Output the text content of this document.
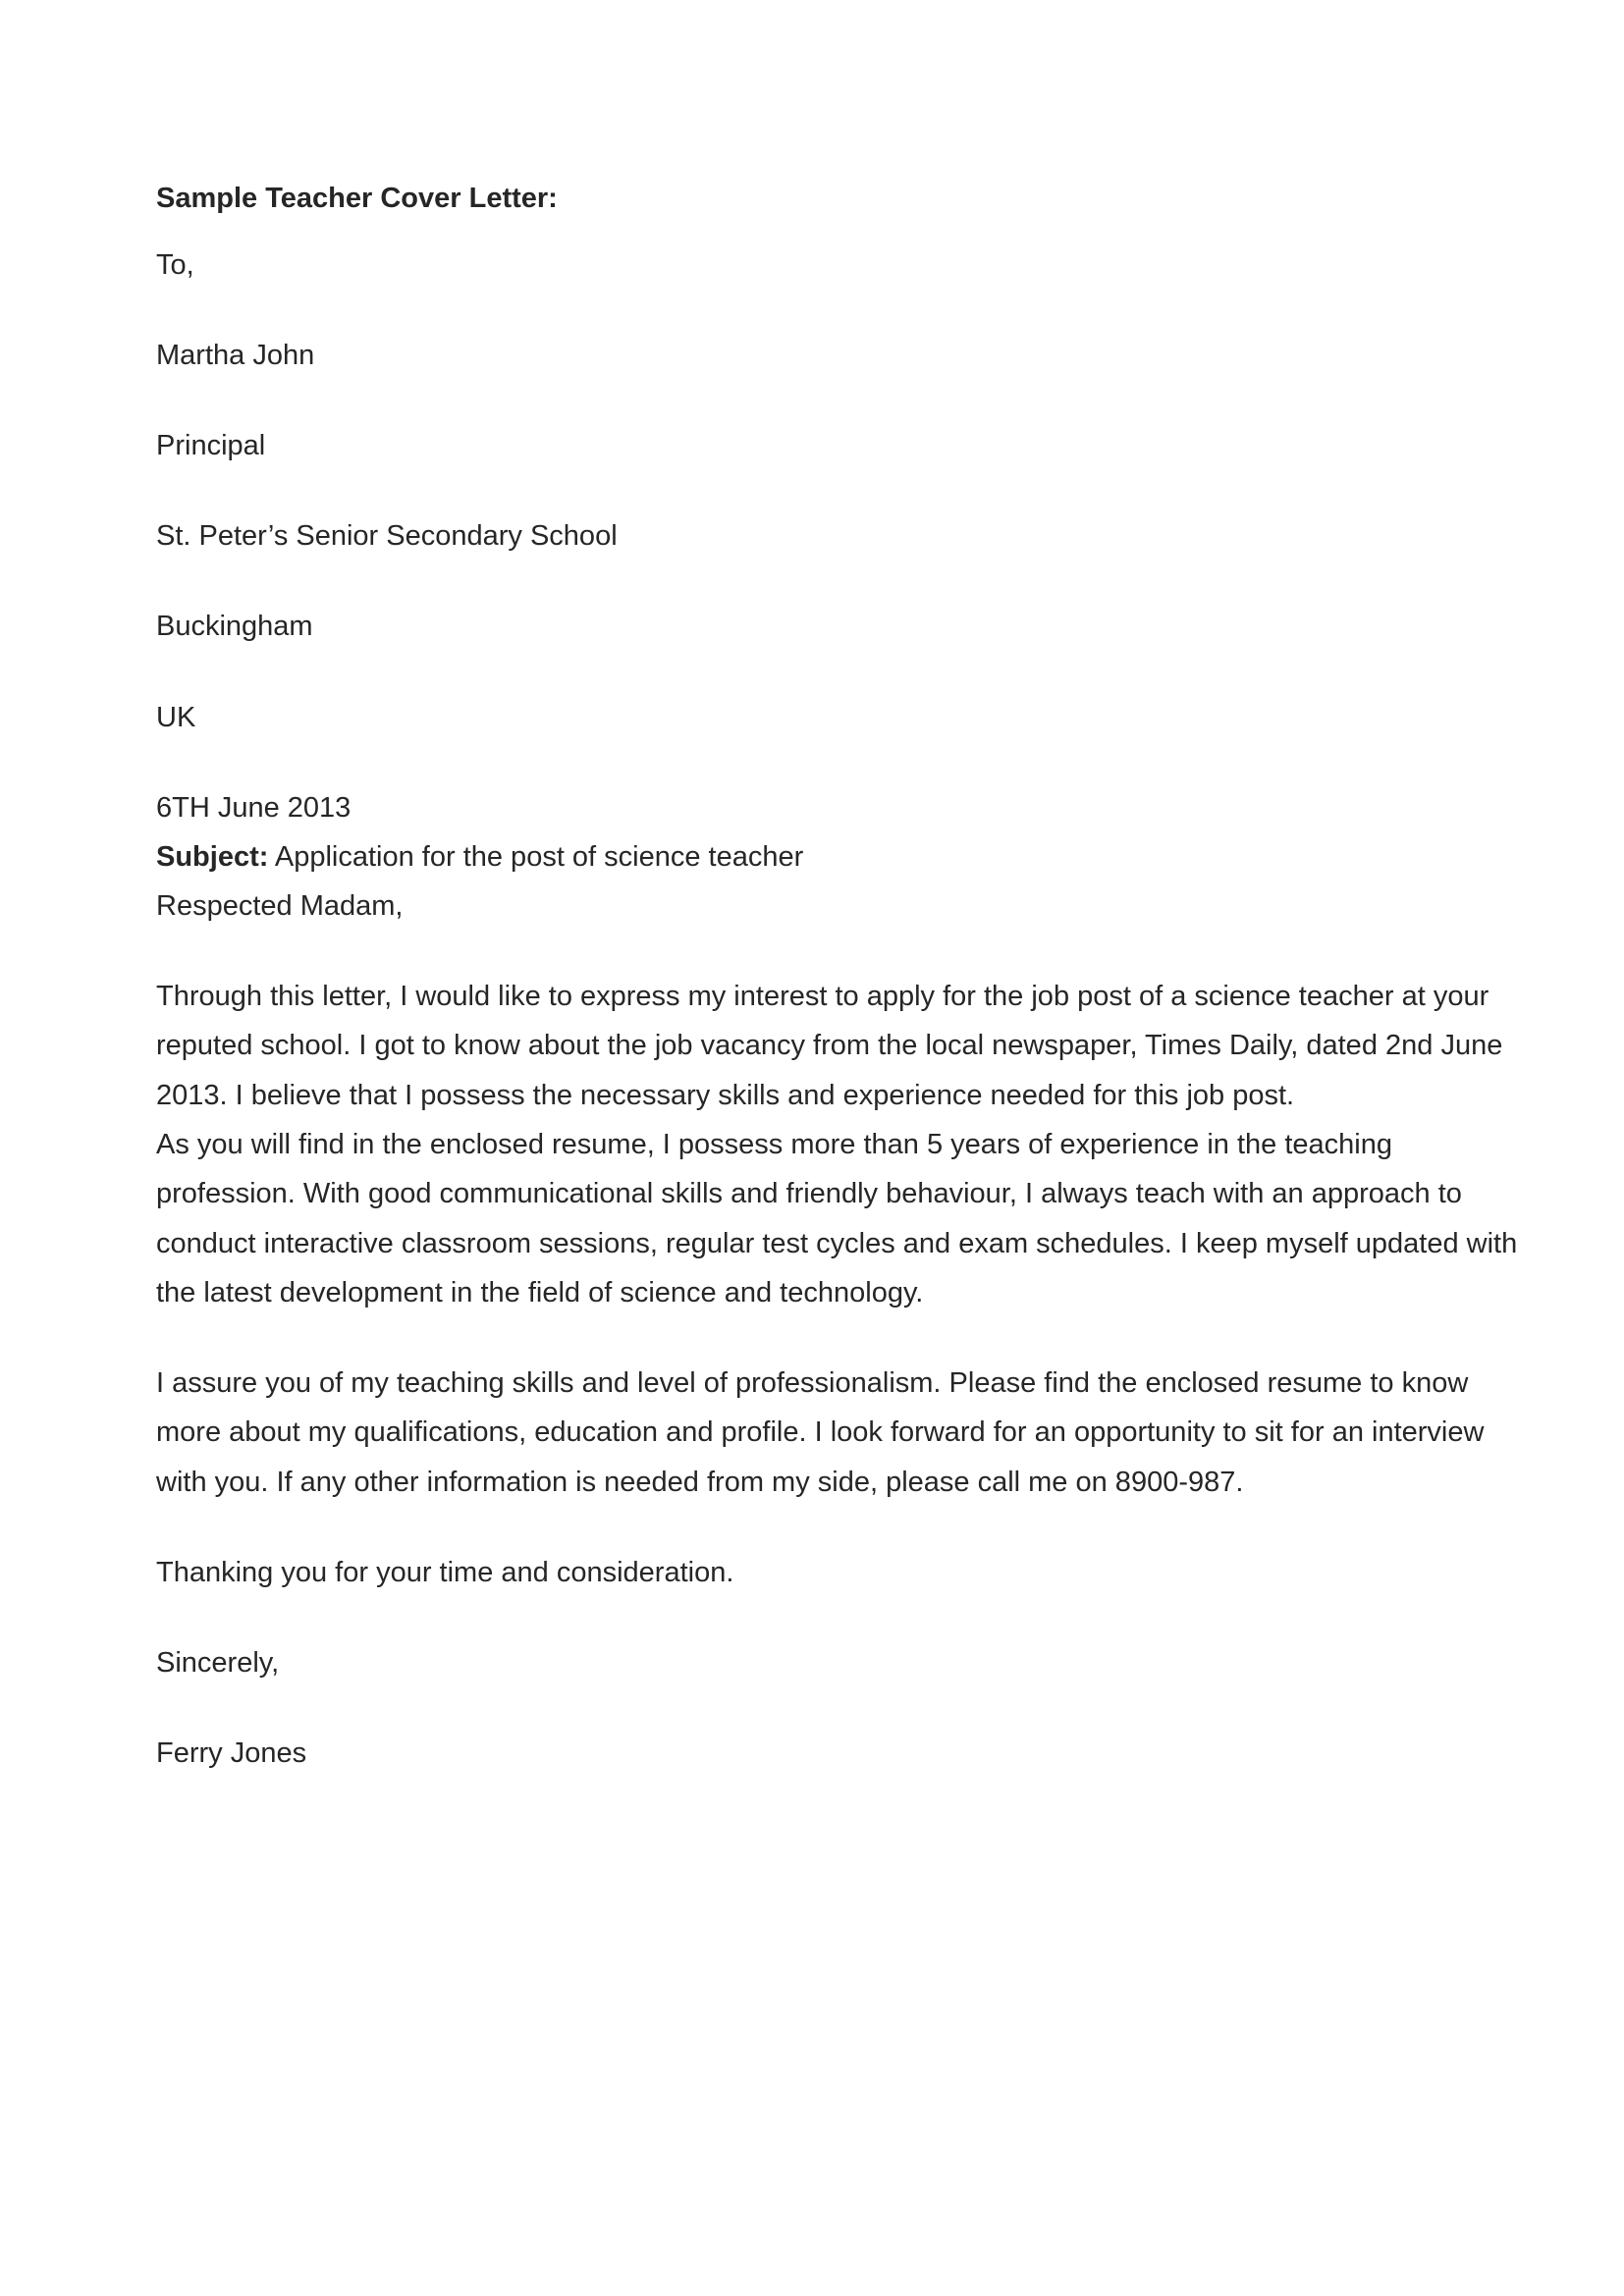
Sample Teacher Cover Letter:
To,
Martha John
Principal
St. Peter’s Senior Secondary School
Buckingham
UK
6TH June 2013
Subject: Application for the post of science teacher
Respected Madam,
Through this letter, I would like to express my interest to apply for the job post of a science teacher at your
reputed school. I got to know about the job vacancy from the local newspaper, Times Daily, dated 2nd June
2013. I believe that I possess the necessary skills and experience needed for this job post.
As you will find in the enclosed resume, I possess more than 5 years of experience in the teaching
profession. With good communicational skills and friendly behaviour, I always teach with an approach to
conduct interactive classroom sessions, regular test cycles and exam schedules. I keep myself updated with
the latest development in the field of science and technology.
I assure you of my teaching skills and level of professionalism. Please find the enclosed resume to know
more about my qualifications, education and profile. I look forward for an opportunity to sit for an interview
with you. If any other information is needed from my side, please call me on 8900-987.
Thanking you for your time and consideration.
Sincerely,
Ferry Jones
